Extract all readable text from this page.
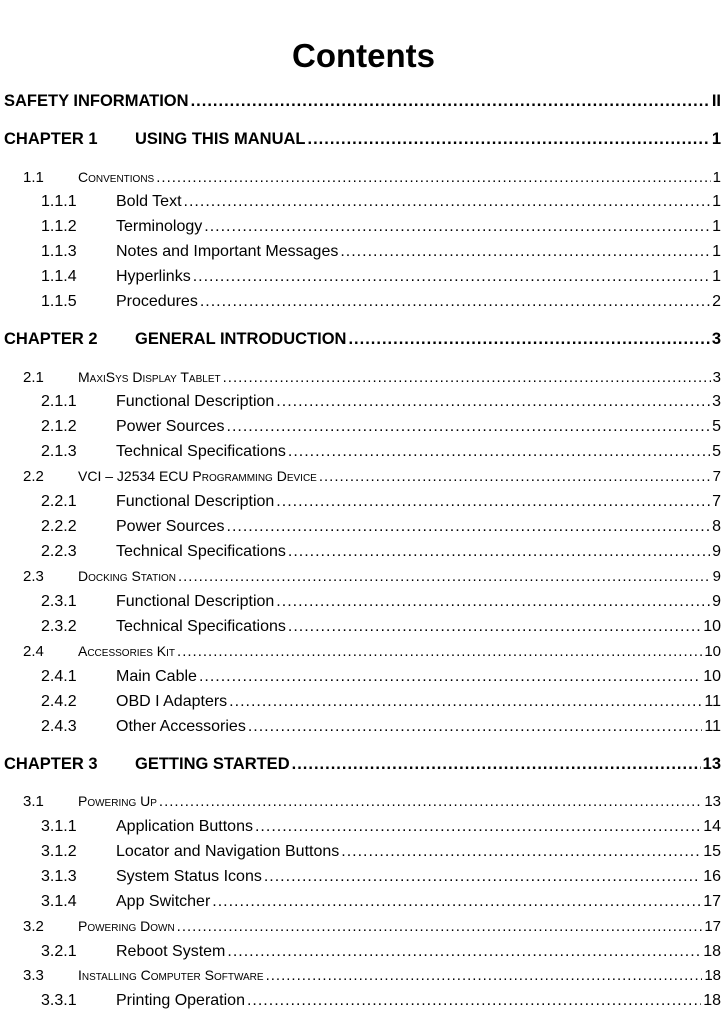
Contents
SAFETY INFORMATION .....	II
CHAPTER 1	USING THIS MANUAL .....	1
1.1	Conventions .....	1
1.1.1	Bold Text .....	1
1.1.2	Terminology .....	1
1.1.3	Notes and Important Messages .....	1
1.1.4	Hyperlinks .....	1
1.1.5	Procedures .....	2
CHAPTER 2	GENERAL INTRODUCTION .....	3
2.1	MaxiSys Display Tablet .....	3
2.1.1	Functional Description .....	3
2.1.2	Power Sources .....	5
2.1.3	Technical Specifications .....	5
2.2	VCI – J2534 ECU Programming Device .....	7
2.2.1	Functional Description .....	7
2.2.2	Power Sources .....	8
2.2.3	Technical Specifications .....	9
2.3	Docking Station .....	9
2.3.1	Functional Description .....	9
2.3.2	Technical Specifications .....	10
2.4	Accessories Kit .....	10
2.4.1	Main Cable .....	10
2.4.2	OBD I Adapters .....	11
2.4.3	Other Accessories .....	11
CHAPTER 3	GETTING STARTED .....	13
3.1	Powering Up .....	13
3.1.1	Application Buttons .....	14
3.1.2	Locator and Navigation Buttons .....	15
3.1.3	System Status Icons .....	16
3.1.4	App Switcher .....	17
3.2	Powering Down .....	17
3.2.1	Reboot System .....	18
3.3	Installing Computer Software .....	18
3.3.1	Printing Operation .....	18
